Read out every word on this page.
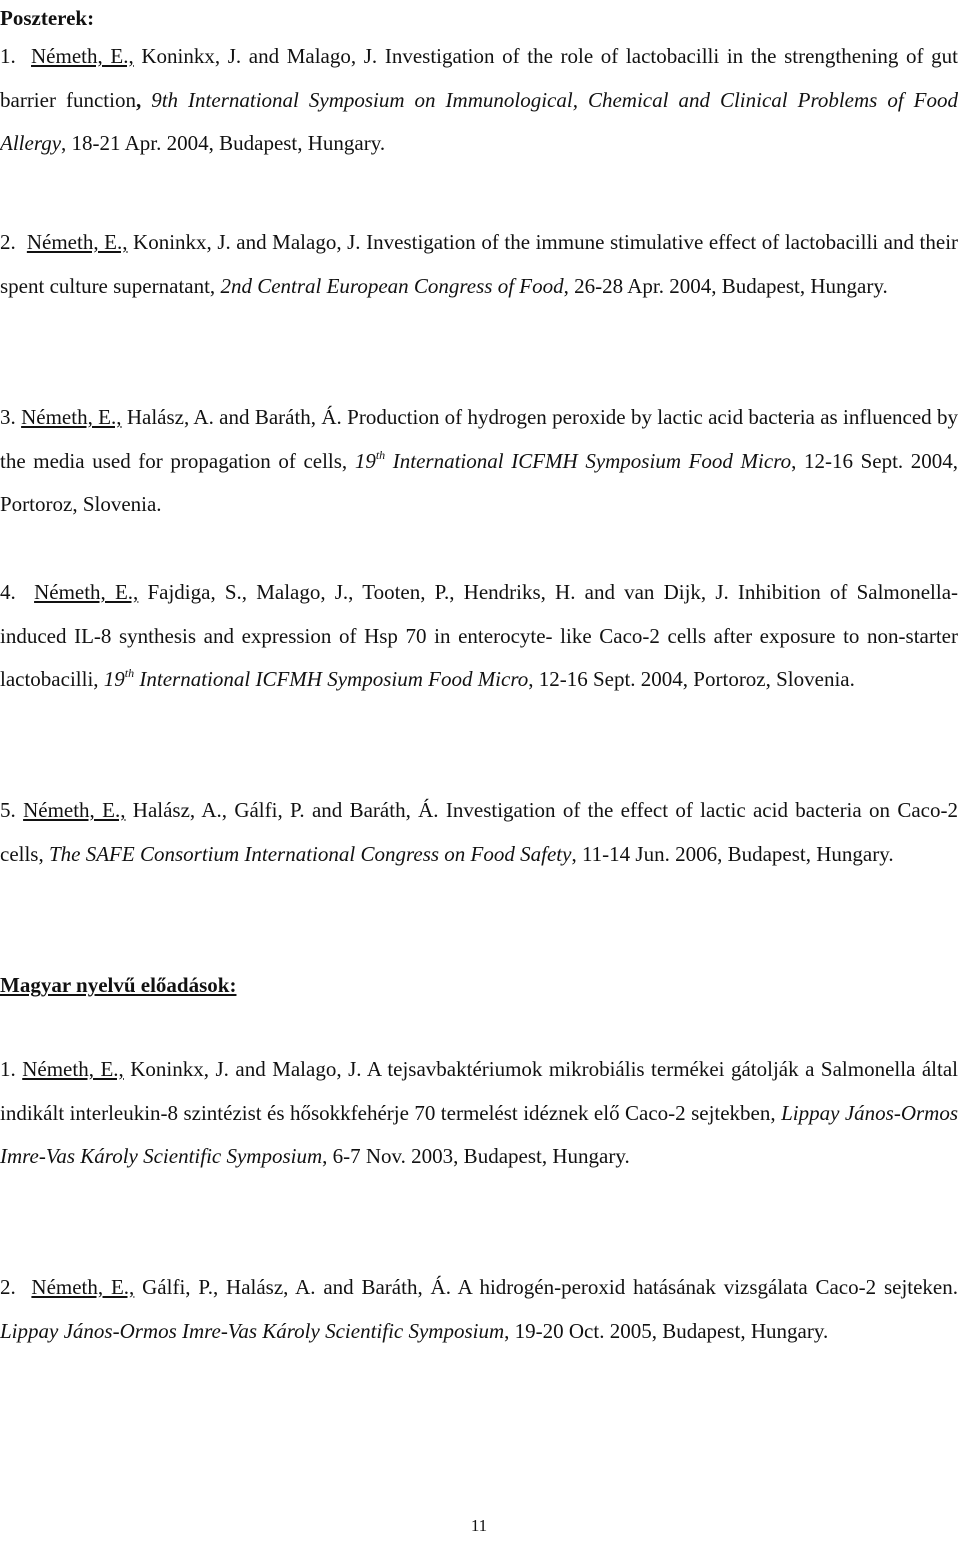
Poszterek:

1. Németh, E., Koninkx, J. and Malago, J. Investigation of the role of lactobacilli in the strengthening of gut barrier function, 9th International Symposium on Immunological, Chemical and Clinical Problems of Food Allergy, 18-21 Apr. 2004, Budapest, Hungary.

2. Németh, E., Koninkx, J. and Malago, J. Investigation of the immune stimulative effect of lactobacilli and their spent culture supernatant, 2nd Central European Congress of Food, 26-28 Apr. 2004, Budapest, Hungary.

3. Németh, E., Halász, A. and Baráth, Á. Production of hydrogen peroxide by lactic acid bacteria as influenced by the media used for propagation of cells, 19th International ICFMH Symposium Food Micro, 12-16 Sept. 2004, Portoroz, Slovenia.

4. Németh, E., Fajdiga, S., Malago, J., Tooten, P., Hendriks, H. and van Dijk, J. Inhibition of Salmonella- induced IL-8 synthesis and expression of Hsp 70 in enterocyte- like Caco-2 cells after exposure to non-starter lactobacilli, 19th International ICFMH Symposium Food Micro, 12-16 Sept. 2004, Portoroz, Slovenia.

5. Németh, E., Halász, A., Gálfi, P. and Baráth, Á. Investigation of the effect of lactic acid bacteria on Caco-2 cells, The SAFE Consortium International Congress on Food Safety, 11-14 Jun. 2006, Budapest, Hungary.

Magyar nyelvű előadások:

1. Németh, E., Koninkx, J. and Malago, J. A tejsavbaktériumok mikrobiális termékei gátolják a Salmonella által indikált interleukin-8 szintézist és hősokkfehérje 70 termelést idéznek elő Caco-2 sejtekben, Lippay János-Ormos Imre-Vas Károly Scientific Symposium, 6-7 Nov. 2003, Budapest, Hungary.

2. Németh, E., Gálfi, P., Halász, A. and Baráth, Á. A hidrogén-peroxid hatásának vizsgálata Caco-2 sejteken. Lippay János-Ormos Imre-Vas Károly Scientific Symposium, 19-20 Oct. 2005, Budapest, Hungary.

11
